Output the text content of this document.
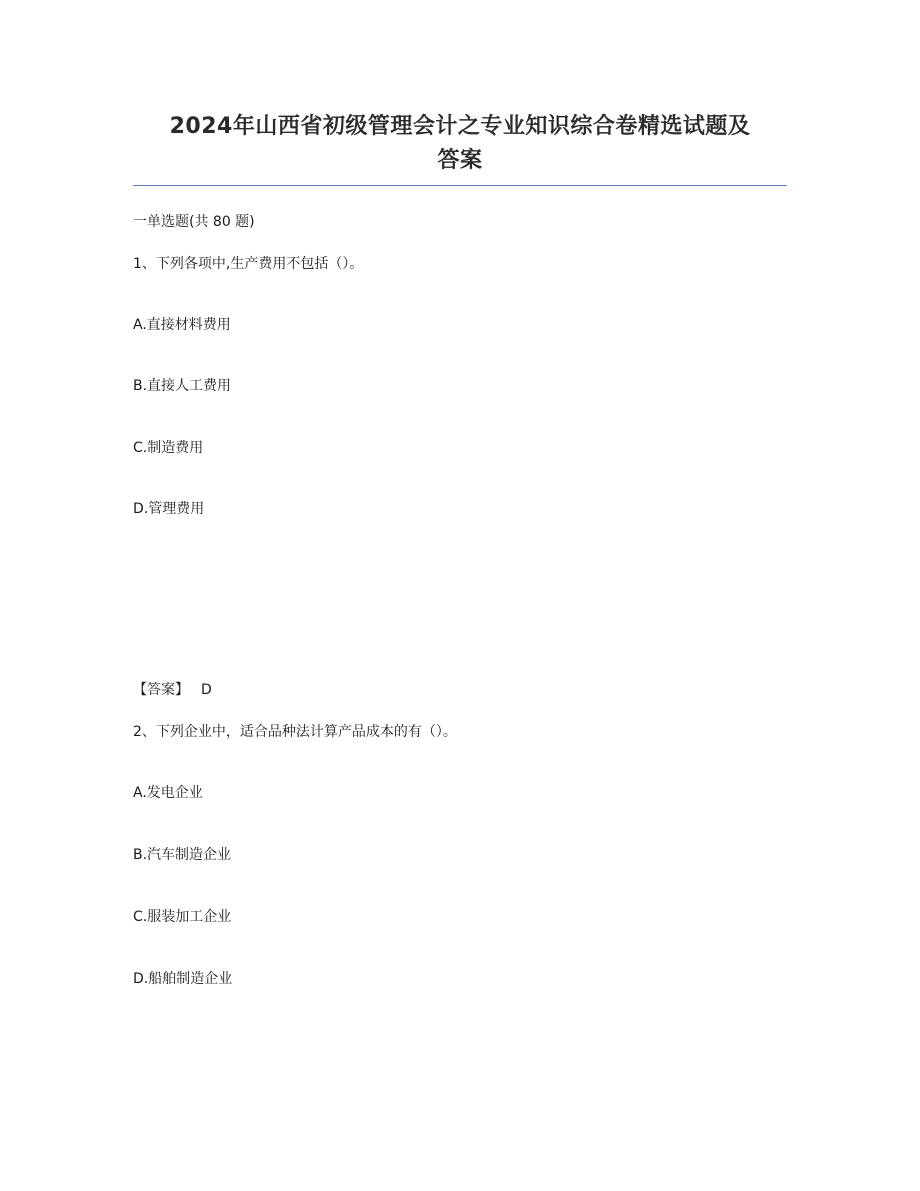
2024年山西省初级管理会计之专业知识综合卷精选试题及
答案
一单选题(共 80 题)
1、下列各项中,生产费用不包括（）。
A.直接材料费用
B.直接人工费用
C.制造费用
D.管理费用
【答案】 D
2、下列企业中，适合品种法计算产品成本的有（）。
A.发电企业
B.汽车制造企业
C.服装加工企业
D.船舶制造企业
